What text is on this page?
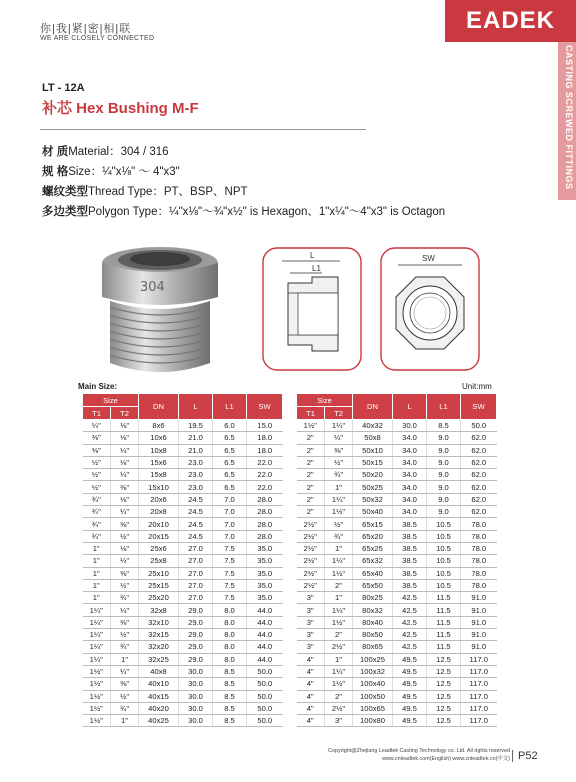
你|我|紧|密|相|联
WE ARE CLOSELY CONNECTED
EADEK
CASTING SCREWED FITTINGS
LT - 12A
补芯 Hex Bushing M-F
材 质Material：304 / 316
规 格Size：¼"x⅛" ～ 4"x3"
螺纹类型Thread Type：PT、BSP、NPT
多边类型Polygon Type：¼"x⅛"～¾"x½" is Hexagon、1"x¼"～4"x3" is Octagon
304
L
L1
SW
Main Size:	Unit:mm
Size		DN	L	L1	SW
T1	T2				
¼"	⅛"	8x6	19.5	6.0	15.0
⅜"	⅛"	10x6	21.0	6.5	18.0
⅜"	¼"	10x8	21.0	6.5	18.0
½"	⅛"	15x6	23.0	6.5	22.0
½"	¼"	15x8	23.0	6.5	22.0
½"	⅜"	15x10	23.0	6.5	22.0
¾"	⅛"	20x6	24.5	7.0	28.0
¾"	¼"	20x8	24.5	7.0	28.0
¾"	⅜"	20x10	24.5	7.0	28.0
¾"	½"	20x15	24.5	7.0	28.0
1"	⅛"	25x6	27.0	7.5	35.0
1"	¼"	25x8	27.0	7.5	35.0
1"	⅜"	25x10	27.0	7.5	35.0
1"	½"	25x15	27.0	7.5	35.0
1"	¾"	25x20	27.0	7.5	35.0
1¼"	¼"	32x8	29.0	8.0	44.0
1¼"	⅜"	32x10	29.0	8.0	44.0
1¼"	½"	32x15	29.0	8.0	44.0
1¼"	¾"	32x20	29.0	8.0	44.0
1¼"	1"	32x25	29.0	8.0	44.0
1½"	¼"	40x8	30.0	8.5	50.0
1½"	⅜"	40x10	30.0	8.5	50.0
1½"	½"	40x15	30.0	8.5	50.0
1½"	¾"	40x20	30.0	8.5	50.0
1½"	1"	40x25	30.0	8.5	50.0
Size		DN	L	L1	SW
T1	T2				
1½"	1¼"	40x32	30.0	8.5	50.0
2"	¼"	50x8	34.0	9.0	62.0
2"	⅜"	50x10	34.0	9.0	62.0
2"	½"	50x15	34.0	9.0	62.0
2"	¾"	50x20	34.0	9.0	62.0
2"	1"	50x25	34.0	9.0	62.0
2"	1¼"	50x32	34.0	9.0	62.0
2"	1½"	50x40	34.0	9.0	62.0
2½"	½"	65x15	38.5	10.5	78.0
2½"	¾"	65x20	38.5	10.5	78.0
2½"	1"	65x25	38.5	10.5	78.0
2½"	1¼"	65x32	38.5	10.5	78.0
2½"	1½"	65x40	38.5	10.5	78.0
2½"	2"	65x50	38.5	10.5	78.0
3"	1"	80x25	42.5	11.5	91.0
3"	1¼"	80x32	42.5	11.5	91.0
3"	1½"	80x40	42.5	11.5	91.0
3"	2"	80x50	42.5	11.5	91.0
3"	2½"	80x65	42.5	11.5	91.0
4"	1"	100x25	49.5	12.5	117.0
4"	1¼"	100x32	49.5	12.5	117.0
4"	1½"	100x40	49.5	12.5	117.0
4"	2"	100x50	49.5	12.5	117.0
4"	2½"	100x65	49.5	12.5	117.0
4"	3"	100x80	49.5	12.5	117.0
Copyright@Zhejiang Leadtek Casting Technology co. Ltd. All rights reserved
www.cnleadtek.com(English) www.cnleadtek.cn(中文) P52
